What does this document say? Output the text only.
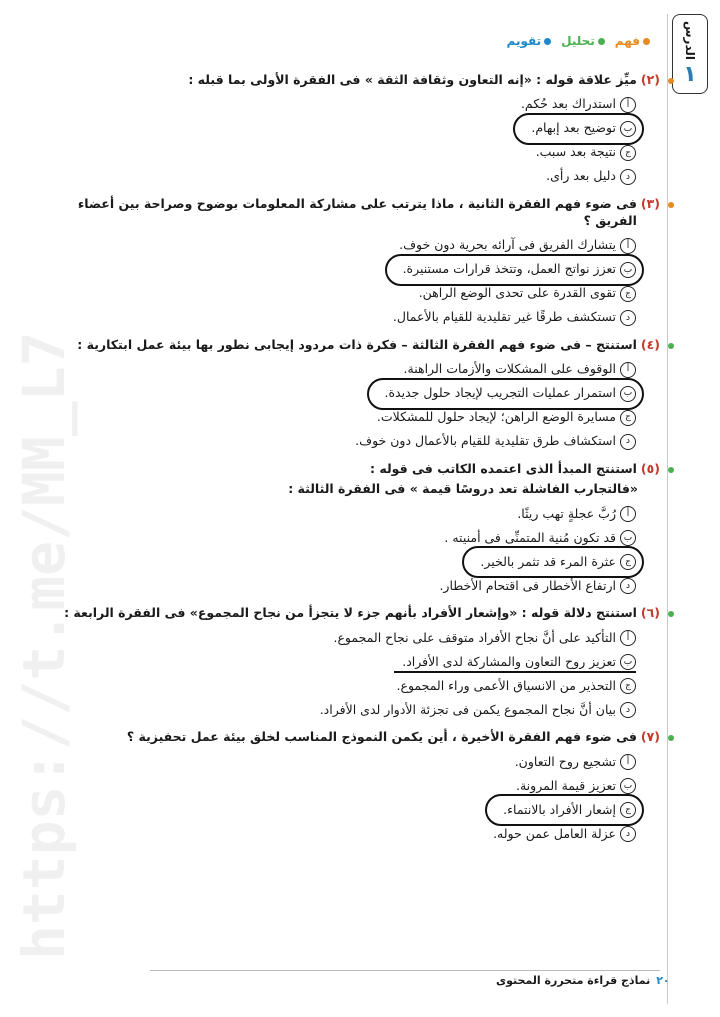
الدرس
١
فهم
تحليل
تقويم
(٢)
ميِّز علاقة قوله : «إنه التعاون وثقافة الثقة » فى الفقرة الأولى بما قبله :
أ
استدراك بعد حُكم.
ب
توضيح بعد إبهام.
ج
نتيجة بعد سبب.
د
دليل بعد رأى.
(٣)
فى ضوء فهم الفقرة الثانية ، ماذا يترتب على مشاركة المعلومات بوضوح وصراحة بين أعضاء الفريق ؟
أ
يتشارك الفريق فى آرائه بحرية دون خوف.
ب
تعزز نواتج العمل، وتتخذ قرارات مستنيرة.
ج
تقوى القدرة على تحدى الوضع الراهن.
د
تستكشف طرقًا غير تقليدية للقيام بالأعمال.
(٤)
استنتج – فى ضوء فهم الفقرة الثالثة – فكرة ذات مردود إيجابى نطور بها بيئة عمل ابتكارية :
أ
الوقوف على المشكلات والأزمات الراهنة.
ب
استمرار عمليات التجريب لإيجاد حلول جديدة.
ج
مسايرة الوضع الراهن؛ لإيجاد حلول للمشكلات.
د
استكشاف طرق تقليدية للقيام بالأعمال دون خوف.
(٥)
استنتج المبدأ الذى اعتمده الكاتب فى قوله :
«فالتجارب الفاشلة تعد دروسًا قيمة » فى الفقرة الثالثة :
أ
رُبَّ عجلةٍ تهب ريثًا.
ب
قد تكون مُنية المتمنِّى فى أمنيته .
ج
عثرة المرء قد تثمر بالخير.
د
ارتفاع الأخطار فى اقتحام الأخطار.
(٦)
استنتج دلالة قوله : «وإشعار الأفراد بأنهم جزء لا يتجزأ من نجاح المجموع» فى الفقرة الرابعة :
أ
التأكيد على أنَّ نجاح الأفراد متوقف على نجاح المجموع.
ب
تعزيز روح التعاون والمشاركة لدى الأفراد.
ج
التحذير من الانسياق الأعمى وراء المجموع.
د
بيان أنَّ نجاح المجموع يكمن فى تجزئة الأدوار لدى الأفراد.
(٧)
فى ضوء فهم الفقرة الأخيرة ، أين يكمن النموذج المناسب لخلق بيئة عمل تحفيزية ؟
أ
تشجيع روح التعاون.
ب
تعزيز قيمة المرونة.
ج
إشعار الأفراد بالانتماء.
د
عزلة العامل عمن حوله.
٢٠
نماذج قراءة متحررة المحتوى
https://t.me/MM_L7
